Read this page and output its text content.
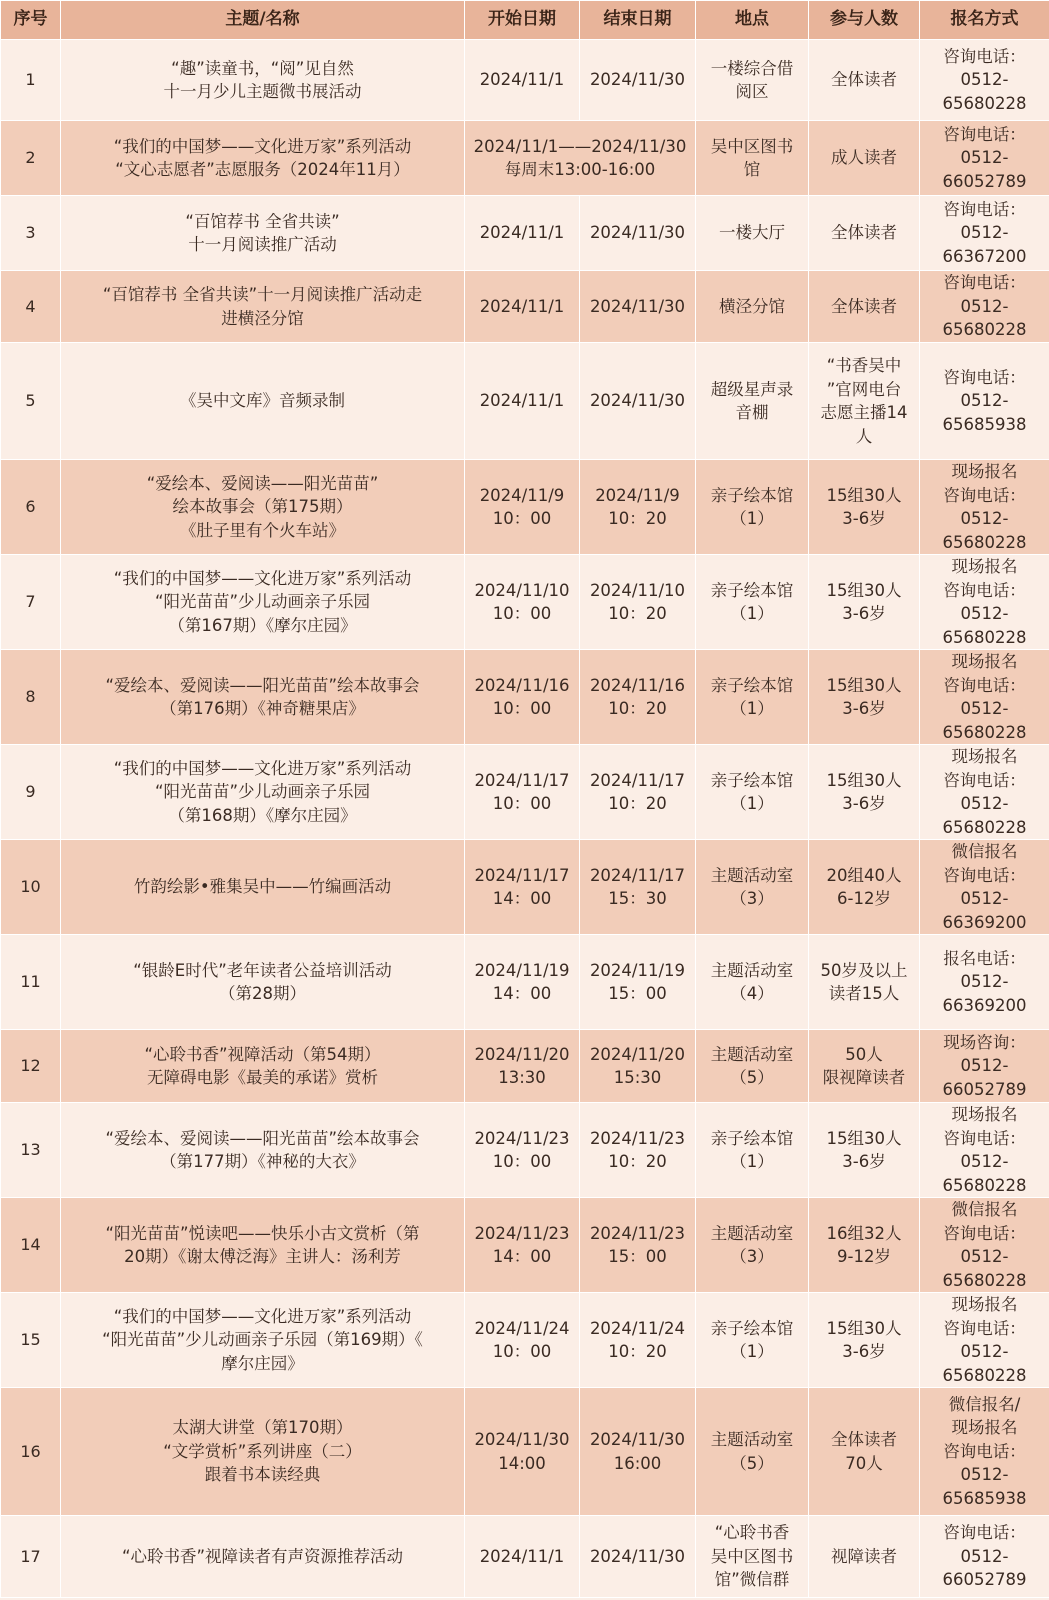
序号	主题/名称	开始日期	结束日期	地点	参与人数	报名方式
1	“趣”读童书，“阅”见自然
十一月少儿主题微书展活动	2024/11/1	2024/11/30	一楼综合借
阅区	全体读者	咨询电话：
0512-
65680228
2	“我们的中国梦——文化进万家”系列活动
“文心志愿者”志愿服务（2024年11月）	2024/11/1——2024/11/30
每周末13:00-16:00		吴中区图书
馆	成人读者	咨询电话：
0512-
66052789
3	“百馆荐书 全省共读”
十一月阅读推广活动	2024/11/1	2024/11/30	一楼大厅	全体读者	咨询电话：
0512-
66367200
4	“百馆荐书 全省共读”十一月阅读推广活动走
进横泾分馆	2024/11/1	2024/11/30	横泾分馆	全体读者	咨询电话：
0512-
65680228
5	《吴中文库》音频录制	2024/11/1	2024/11/30	超级星声录
音棚	“书香吴中
”官网电台
志愿主播14
人	咨询电话：
0512-
65685938
6	“爱绘本、爱阅读——阳光苗苗”
绘本故事会（第175期）
《肚子里有个火车站》	2024/11/9
10：00	2024/11/9
10：20	亲子绘本馆
（1）	15组30人
3-6岁	现场报名
咨询电话：
0512-
65680228
7	“我们的中国梦——文化进万家”系列活动
“阳光苗苗”少儿动画亲子乐园
（第167期）《摩尔庄园》	2024/11/10
10：00	2024/11/10
10：20	亲子绘本馆
（1）	15组30人
3-6岁	现场报名
咨询电话：
0512-
65680228
8	“爱绘本、爱阅读——阳光苗苗”绘本故事会
（第176期）《神奇糖果店》	2024/11/16
10：00	2024/11/16
10：20	亲子绘本馆
（1）	15组30人
3-6岁	现场报名
咨询电话：
0512-
65680228
9	“我们的中国梦——文化进万家”系列活动
“阳光苗苗”少儿动画亲子乐园
（第168期）《摩尔庄园》	2024/11/17
10：00	2024/11/17
10：20	亲子绘本馆
（1）	15组30人
3-6岁	现场报名
咨询电话：
0512-
65680228
10	竹韵绘影•雅集吴中——竹编画活动	2024/11/17
14：00	2024/11/17
15：30	主题活动室
（3）	20组40人
6-12岁	微信报名
咨询电话：
0512-
66369200
11	“银龄E时代”老年读者公益培训活动
（第28期）	2024/11/19
14：00	2024/11/19
15：00	主题活动室
（4）	50岁及以上
读者15人	报名电话：
0512-
66369200
12	“心聆书香”视障活动（第54期）
无障碍电影《最美的承诺》赏析	2024/11/20
13:30	2024/11/20
15:30	主题活动室
（5）	50人
限视障读者	现场咨询：
0512-
66052789
13	“爱绘本、爱阅读——阳光苗苗”绘本故事会
（第177期）《神秘的大衣》	2024/11/23
10：00	2024/11/23
10：20	亲子绘本馆
（1）	15组30人
3-6岁	现场报名
咨询电话：
0512-
65680228
14	“阳光苗苗”悦读吧——快乐小古文赏析（第
20期）《谢太傅泛海》主讲人：汤利芳	2024/11/23
14：00	2024/11/23
15：00	主题活动室
（3）	16组32人
9-12岁	微信报名
咨询电话：
0512-
65680228
15	“我们的中国梦——文化进万家”系列活动
“阳光苗苗”少儿动画亲子乐园（第169期）《
摩尔庄园》	2024/11/24
10：00	2024/11/24
10：20	亲子绘本馆
（1）	15组30人
3-6岁	现场报名
咨询电话：
0512-
65680228
16	太湖大讲堂（第170期）
“文学赏析”系列讲座（二）
跟着书本读经典	2024/11/30
14:00	2024/11/30
16:00	主题活动室
（5）	全体读者
70人	微信报名/
现场报名
咨询电话：
0512-
65685938
17	“心聆书香”视障读者有声资源推荐活动	2024/11/1	2024/11/30	“心聆书香
吴中区图书
馆”微信群	视障读者	咨询电话：
0512-
66052789
